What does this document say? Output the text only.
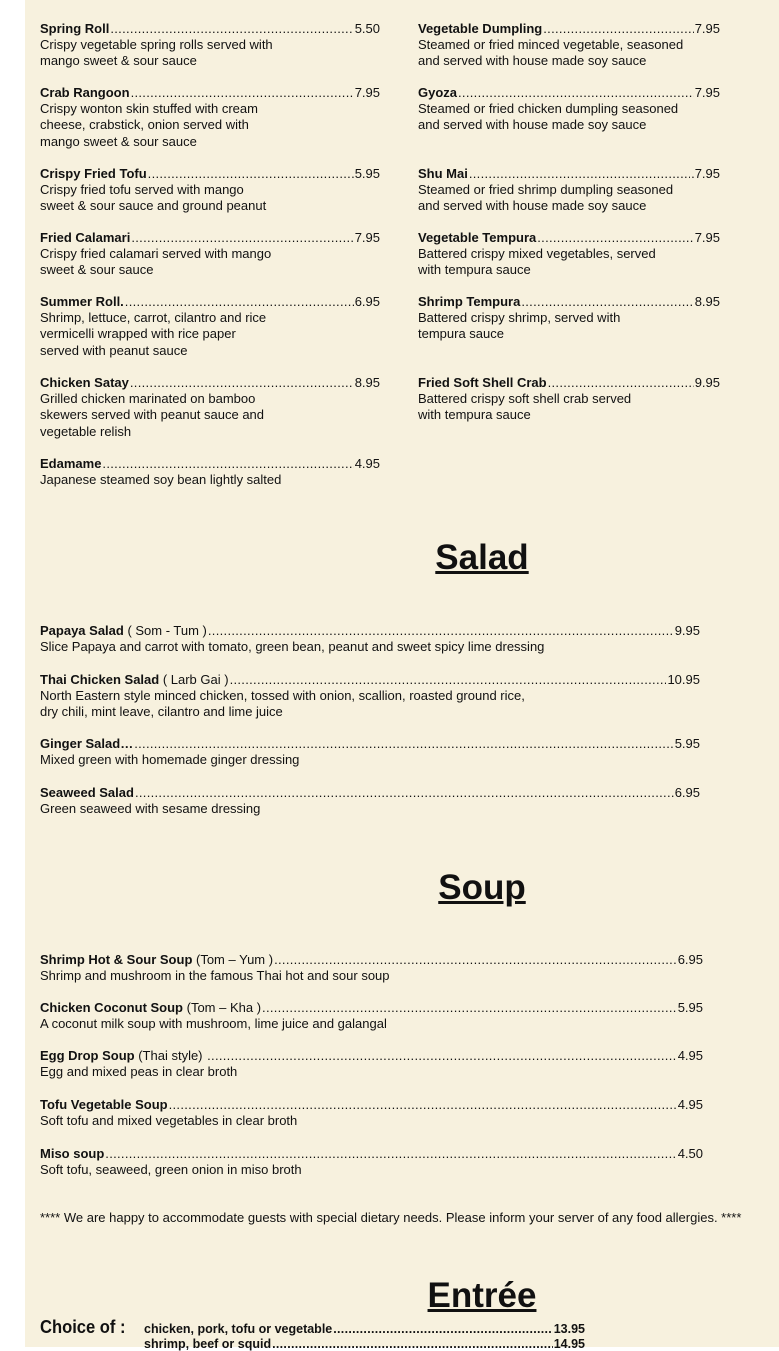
Salad
Soup
Entrée
**** We are happy to accommodate guests with special dietary needs. Please inform your server of any food allergies. ****
Choice of : chicken, pork, tofu or vegetable .....	13.95
shrimp, beef or squid .....	14.95
Spring Roll .....	5.50
Crispy vegetable spring rolls served with
mango sweet & sour sauce
Crab Rangoon .....	7.95
Crispy wonton skin stuffed with cream
cheese, crabstick, onion served with
mango sweet & sour sauce
Crispy Fried Tofu .....	5.95
Crispy fried tofu served with mango
sweet & sour sauce and ground peanut
Fried Calamari .....	7.95
Crispy fried calamari served with mango
sweet & sour sauce
Summer Roll. .....	6.95
Shrimp, lettuce, carrot, cilantro and rice
vermicelli wrapped with rice paper
served with peanut sauce
Chicken Satay .....	8.95
Grilled chicken marinated on bamboo
skewers served with peanut sauce and
vegetable relish
Edamame .....	4.95
Japanese steamed soy bean lightly salted
Vegetable Dumpling .....	7.95
Steamed or fried minced vegetable, seasoned
and served with house made soy sauce
Gyoza .....	7.95
Steamed or fried chicken dumpling seasoned
and served with house made soy sauce
Shu Mai .....	.7.95
Steamed or fried shrimp dumpling seasoned
and served with house made soy sauce
Vegetable Tempura .....	7.95
Battered crispy mixed vegetables, served
with tempura sauce
Shrimp Tempura .....	8.95
Battered crispy shrimp, served with
tempura sauce
Fried Soft Shell Crab .....	9.95
Battered crispy soft shell crab served
with tempura sauce
Papaya Salad ( Som - Tum ) .....	9.95
Slice Papaya and carrot with tomato, green bean, peanut and sweet spicy lime dressing
Thai Chicken Salad ( Larb Gai ) .....	10.95
North Eastern style minced chicken, tossed with onion, scallion, roasted ground rice,
dry chili, mint leave, cilantro and lime juice
Ginger Salad… .....	5.95
Mixed green with homemade ginger dressing
Seaweed Salad .....	6.95
Green seaweed with sesame dressing
Shrimp Hot & Sour Soup (Tom – Yum ) .....	6.95
Shrimp and mushroom in the famous Thai hot and sour soup
Chicken Coconut Soup (Tom – Kha ) .....	5.95
A coconut milk soup with mushroom, lime juice and galangal
Egg Drop Soup (Thai style) .....	4.95
Egg and mixed peas in clear broth
Tofu Vegetable Soup .....	4.95
Soft tofu and mixed vegetables in clear broth
Miso soup .....	4.50
Soft tofu, seaweed, green onion in miso broth
